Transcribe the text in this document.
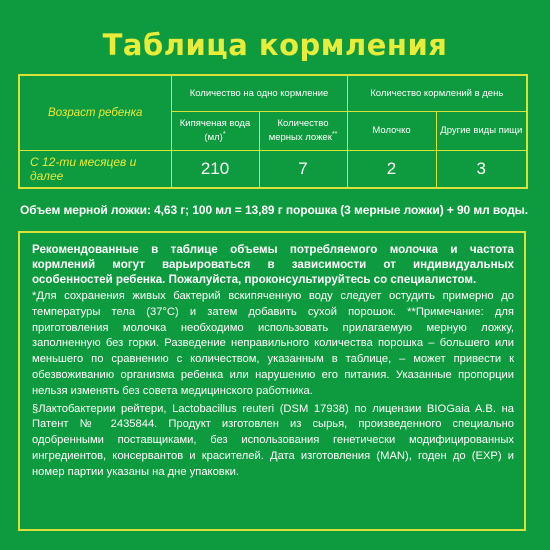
Таблица кормления
Возраст ребенка	Количество на одно кормление		Количество кормлений в день	
	Кипяченая вода (мл)*	Количество мерных ложек**	Молочко	Другие виды пищи
С 12-ти месяцев и далее	210	7	2	3
Объем мерной ложки: 4,63 г; 100 мл = 13,89 г порошка (3 мерные ложки) + 90 мл воды.

Рекомендованные в таблице объемы потребляемого молочка и частота кормлений могут варьироваться в зависимости от индивидуальных особенностей ребенка. Пожалуйста, проконсультируйтесь со специалистом.

*Для сохранения живых бактерий вскипяченную воду следует остудить примерно до температуры тела (37°С) и затем добавить сухой порошок. **Примечание: для приготовления молочка необходимо использовать прилагаемую мерную ложку, заполненную без горки. Разведение неправильного количества порошка – большего или меньшего по сравнению с количеством, указанным в таблице, – может привести к обезвоживанию организма ребенка или нарушению его питания. Указанные пропорции нельзя изменять без совета медицинского работника.

§Лактобактерии рейтери, Lactobacillus reuteri (DSM 17938) по лицензии BIOGaia A.B. на Патент № 2435844. Продукт изготовлен из сырья, произведенного специально одобренными поставщиками, без использования генетически модифицированных ингредиентов, консервантов и красителей. Дата изготовления (MAN), годен до (EXP) и номер партии указаны на дне упаковки.
